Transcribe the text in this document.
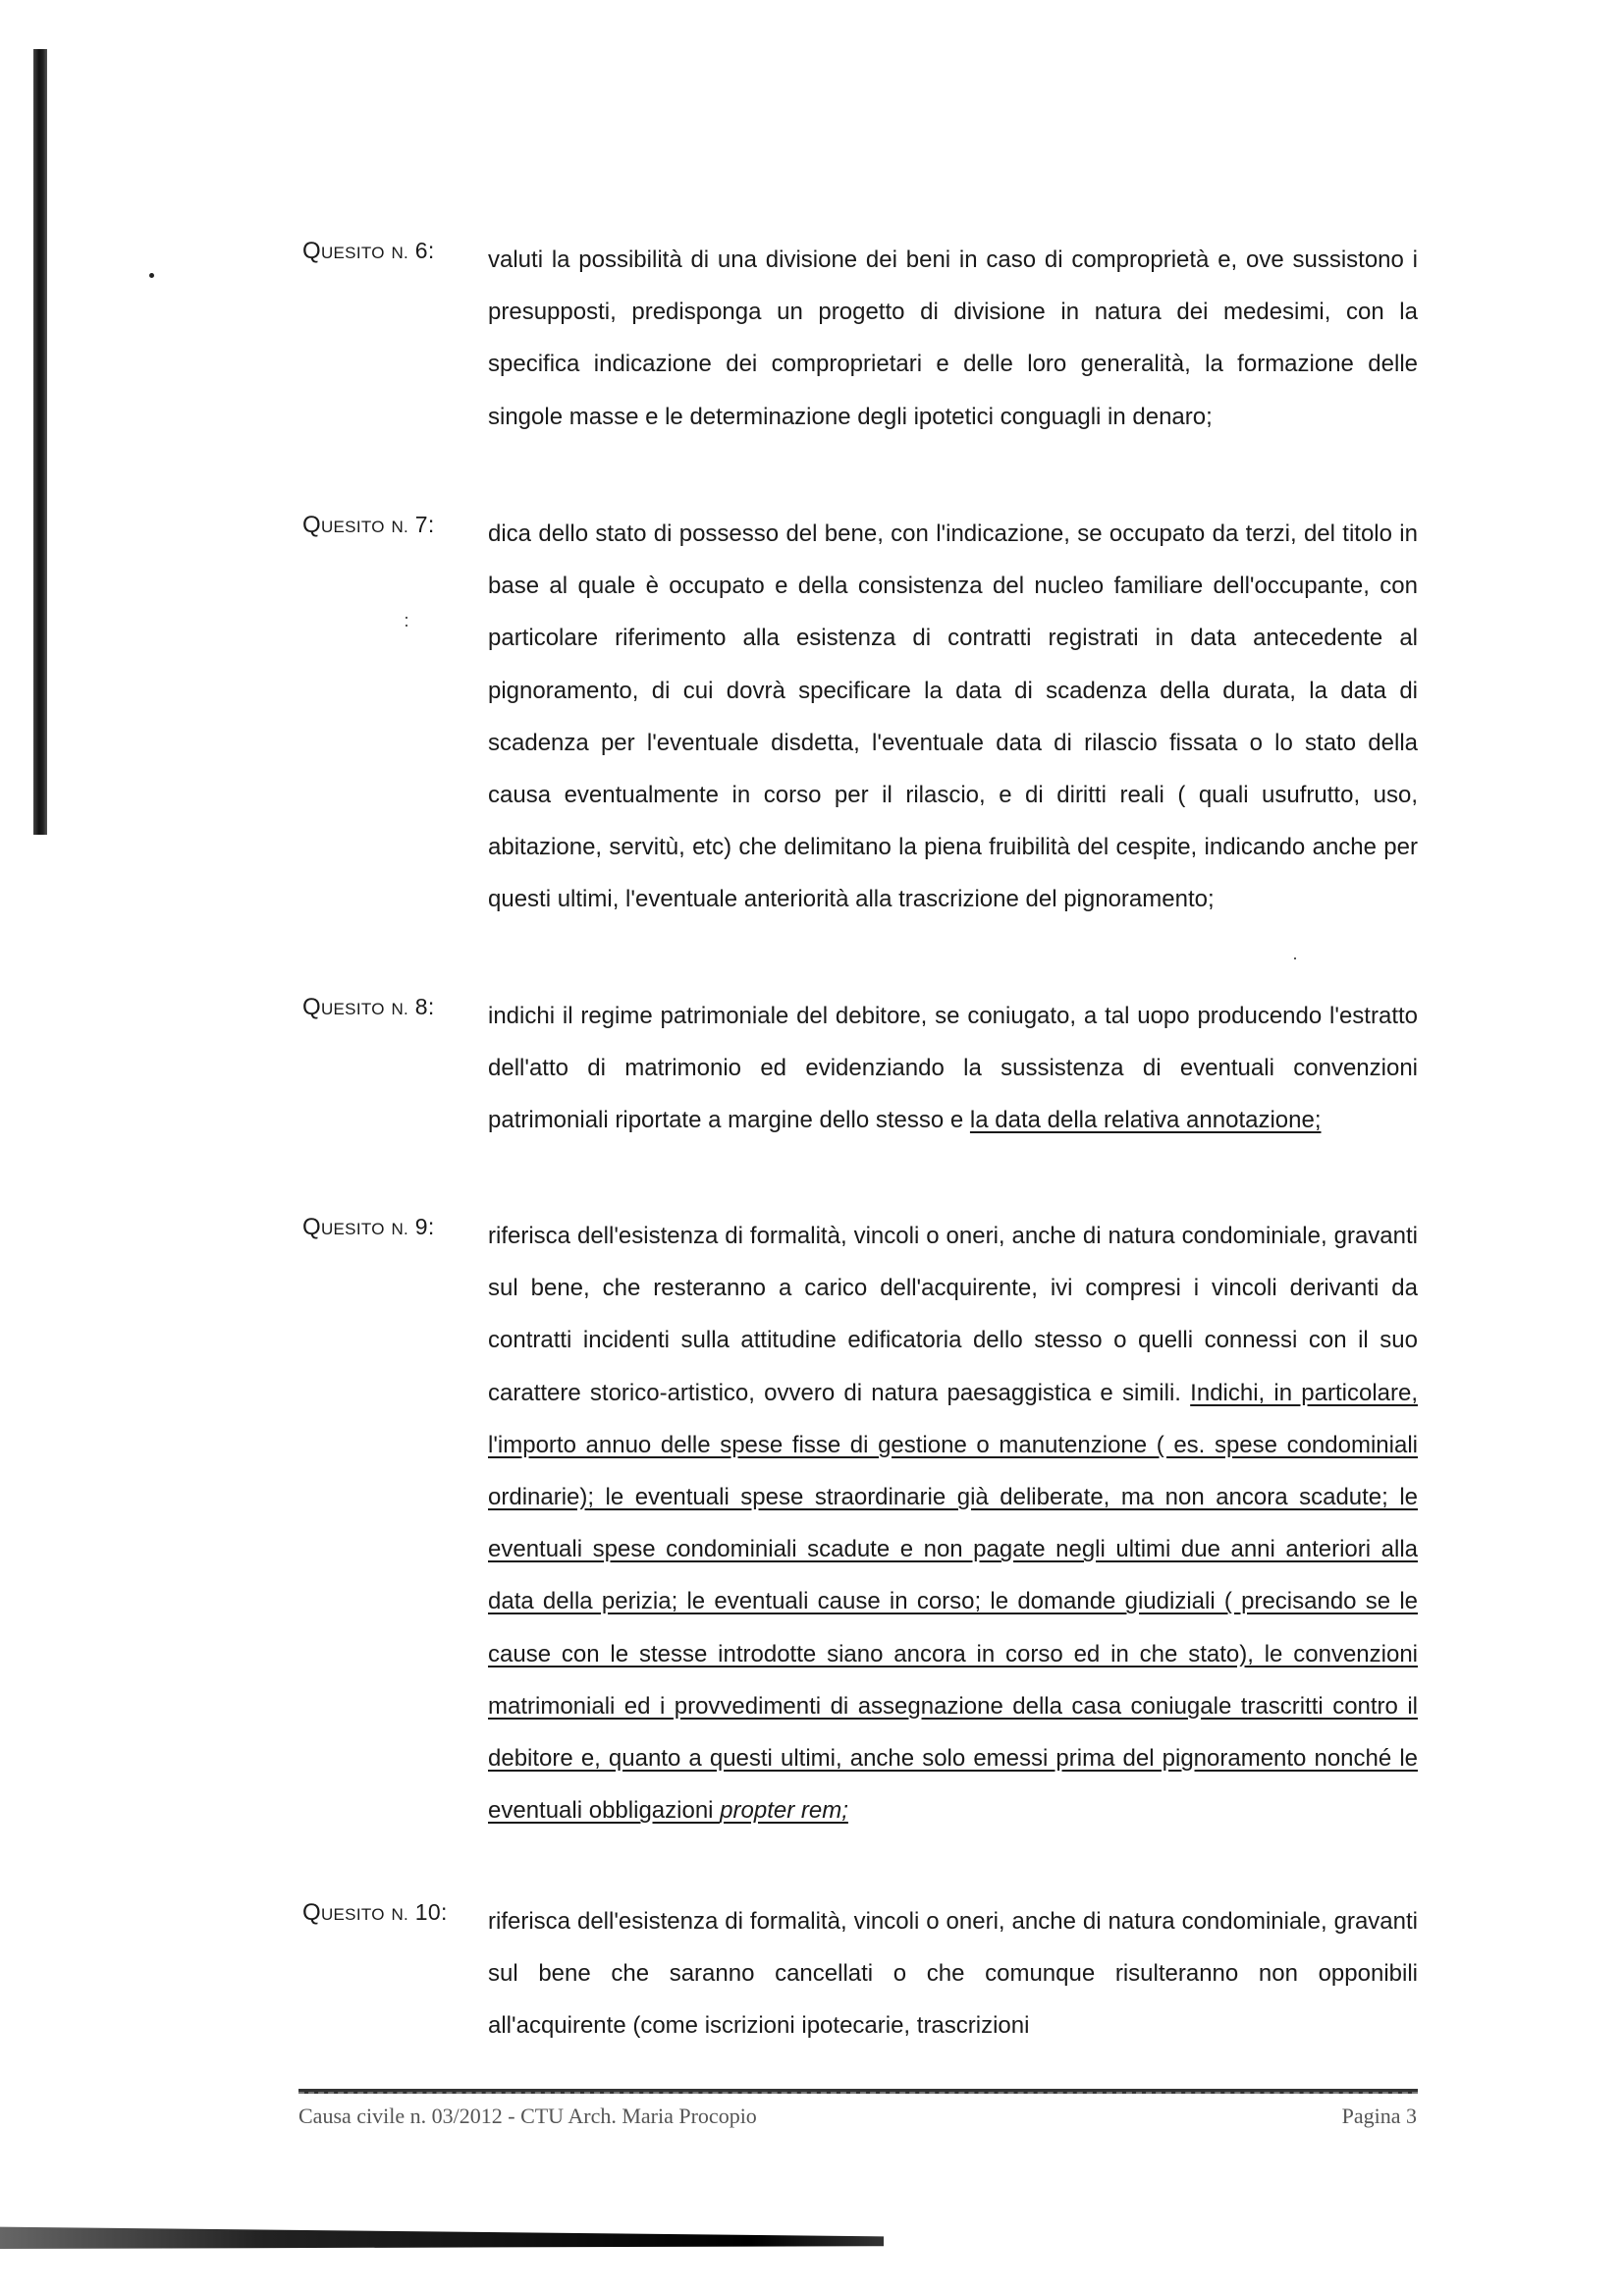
QUESITO N. 6: valuti la possibilità di una divisione dei beni in caso di comproprietà e, ove sussistono i presupposti, predisponga un progetto di divisione in natura dei medesimi, con la specifica indicazione dei comproprietari e delle loro generalità, la formazione delle singole masse e le determinazione degli ipotetici conguagli in denaro;

QUESITO N. 7: dica dello stato di possesso del bene, con l'indicazione, se occupato da terzi, del titolo in base al quale è occupato e della consistenza del nucleo familiare dell'occupante, con particolare riferimento alla esistenza di contratti registrati in data antecedente al pignoramento, di cui dovrà specificare la data di scadenza della durata, la data di scadenza per l'eventuale disdetta, l'eventuale data di rilascio fissata o lo stato della causa eventualmente in corso per il rilascio, e di diritti reali ( quali usufrutto, uso, abitazione, servitù, etc) che delimitano la piena fruibilità del cespite, indicando anche per questi ultimi, l'eventuale anteriorità alla trascrizione del pignoramento;

QUESITO N. 8: indichi il regime patrimoniale del debitore, se coniugato, a tal uopo producendo l'estratto dell'atto di matrimonio ed evidenziando la sussistenza di eventuali convenzioni patrimoniali riportate a margine dello stesso e la data della relativa annotazione;

QUESITO N. 9: riferisca dell'esistenza di formalità, vincoli o oneri, anche di natura condominiale, gravanti sul bene, che resteranno a carico dell'acquirente, ivi compresi i vincoli derivanti da contratti incidenti sulla attitudine edificatoria dello stesso o quelli connessi con il suo carattere storico-artistico, ovvero di natura paesaggistica e simili. Indichi, in particolare, l'importo annuo delle spese fisse di gestione o manutenzione ( es. spese condominiali ordinarie); le eventuali spese straordinarie già deliberate, ma non ancora scadute; le eventuali spese condominiali scadute e non pagate negli ultimi due anni anteriori alla data della perizia; le eventuali cause in corso; le domande giudiziali ( precisando se le cause con le stesse introdotte siano ancora in corso ed in che stato), le convenzioni matrimoniali ed i provvedimenti di assegnazione della casa coniugale trascritti contro il debitore e, quanto a questi ultimi, anche solo emessi prima del pignoramento nonché le eventuali obbligazioni propter rem;

QUESITO N. 10: riferisca dell'esistenza di formalità, vincoli o oneri, anche di natura condominiale, gravanti sul bene che saranno cancellati o che comunque risulteranno non opponibili all'acquirente (come iscrizioni ipotecarie, trascrizioni

Causa civile n. 03/2012 - CTU Arch. Maria Procopio	Pagina 3
